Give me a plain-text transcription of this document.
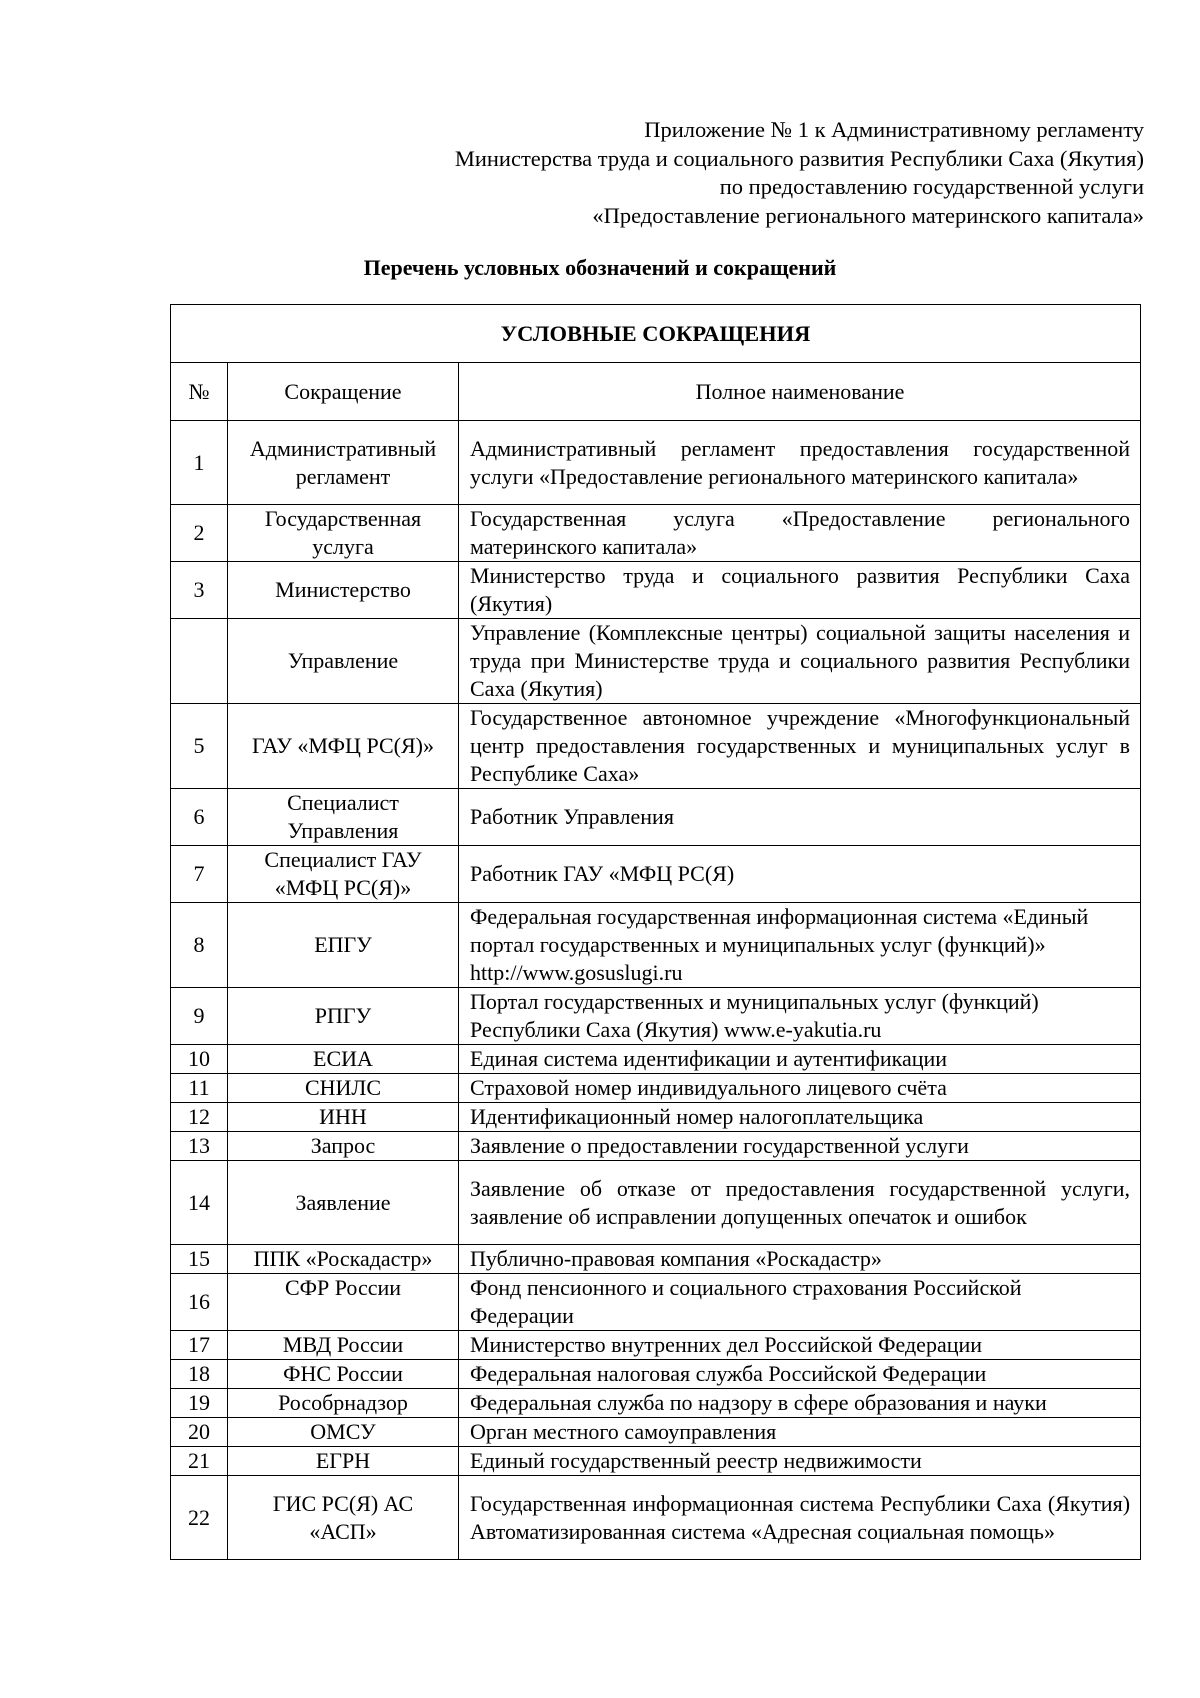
Приложение № 1 к Административному регламенту
Министерства труда и социального развития Республики Саха (Якутия)
по предоставлению государственной услуги
«Предоставление регионального материнского капитала»
Перечень условных обозначений и сокращений
УСЛОВНЫЕ СОКРАЩЕНИЯ		
№	Сокращение	Полное наименование
1	Административный регламент	Административный регламент предоставления государственной услуги «Предоставление регионального материнского капитала»
2	Государственная услуга	Государственная услуга «Предоставление регионального материнского капитала»
3	Министерство	Министерство труда и социального развития Республики Саха (Якутия)
	Управление	Управление (Комплексные центры) социальной защиты населения и труда при Министерстве труда и социального развития Республики Саха (Якутия)
5	ГАУ «МФЦ РС(Я)»	Государственное автономное учреждение «Многофункциональный центр предоставления государственных и муниципальных услуг в Республике Саха»
6	Специалист Управления	Работник Управления
7	Специалист ГАУ «МФЦ РС(Я)»	Работник ГАУ «МФЦ РС(Я)
8	ЕПГУ	Федеральная государственная информационная система «Единый портал государственных и муниципальных услуг (функций)» http://www.gosuslugi.ru
9	РПГУ	Портал государственных и муниципальных услуг (функций) Республики Саха (Якутия) www.e-yakutia.ru
10	ЕСИА	Единая система идентификации и аутентификации
11	СНИЛС	Страховой номер индивидуального лицевого счёта
12	ИНН	Идентификационный номер налогоплательщика
13	Запрос	Заявление о предоставлении государственной услуги
14	Заявление	Заявление об отказе от предоставления государственной услуги, заявление об исправлении допущенных опечаток и ошибок
15	ППК «Роскадастр»	Публично-правовая компания «Роскадастр»
16	СФР России	Фонд пенсионного и социального страхования Российской Федерации
17	МВД России	Министерство внутренних дел Российской Федерации
18	ФНС России	Федеральная налоговая служба Российской Федерации
19	Рособрнадзор	Федеральная служба по надзору в сфере образования и науки
20	ОМСУ	Орган местного самоуправления
21	ЕГРН	Единый государственный реестр недвижимости
22	ГИС РС(Я) АС «АСП»	Государственная информационная система Республики Саха (Якутия) Автоматизированная система «Адресная социальная помощь»
